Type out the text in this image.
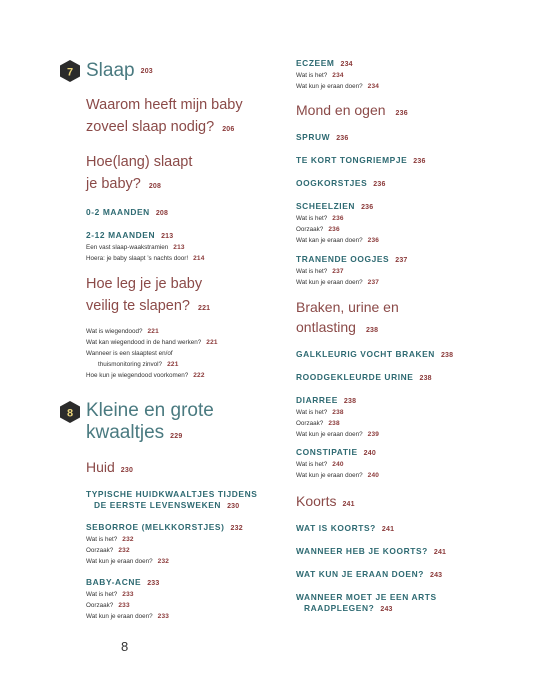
7 Slaap 203
Waarom heeft mijn baby
zoveel slaap nodig? 206
Hoe(lang) slaapt
je baby? 208
0-2 MAANDEN 208
2-12 MAANDEN 213
Een vast slaap-waakstramien 213
Hoera: je baby slaapt ’s nachts door! 214
Hoe leg je je baby
veilig te slapen? 221
Wat is wiegendood? 221
Wat kan wiegendood in de hand werken? 221
Wanneer is een slaaptest en/of
thuismonitoring zinvol? 221
Hoe kun je wiegendood voorkomen? 222
8 Kleine en grote
kwaaltjes 229
Huid 230
TYPISCHE HUIDKWAALTJES TIJDENS
DE EERSTE LEVENSWEKEN 230
SEBORROE (MELKKORSTJES) 232
Wat is het? 232
Oorzaak? 232
Wat kun je eraan doen? 232
BABY-ACNE 233
Wat is het? 233
Oorzaak? 233
Wat kun je eraan doen? 233
ECZEEM 234
Wat is het? 234
Wat kun je eraan doen? 234
Mond en ogen 236
SPRUW 236
TE KORT TONGRIEMPJE 236
OOGKORSTJES 236
SCHEELZIEN 236
Wat is het? 236
Oorzaak? 236
Wat kan je eraan doen? 236
TRANENDE OOGJES 237
Wat is het? 237
Wat kun je eraan doen? 237
Braken, urine en
ontlasting 238
GALKLEURIG VOCHT BRAKEN 238
ROODGEKLEURDE URINE 238
DIARREE 238
Wat is het? 238
Oorzaak? 238
Wat kun je eraan doen? 239
CONSTIPATIE 240
Wat is het? 240
Wat kun je eraan doen? 240
Koorts 241
WAT IS KOORTS? 241
WANNEER HEB JE KOORTS? 241
WAT KUN JE ERAAN DOEN? 243
WANNEER MOET JE EEN ARTS
RAADPLEGEN? 243
8
